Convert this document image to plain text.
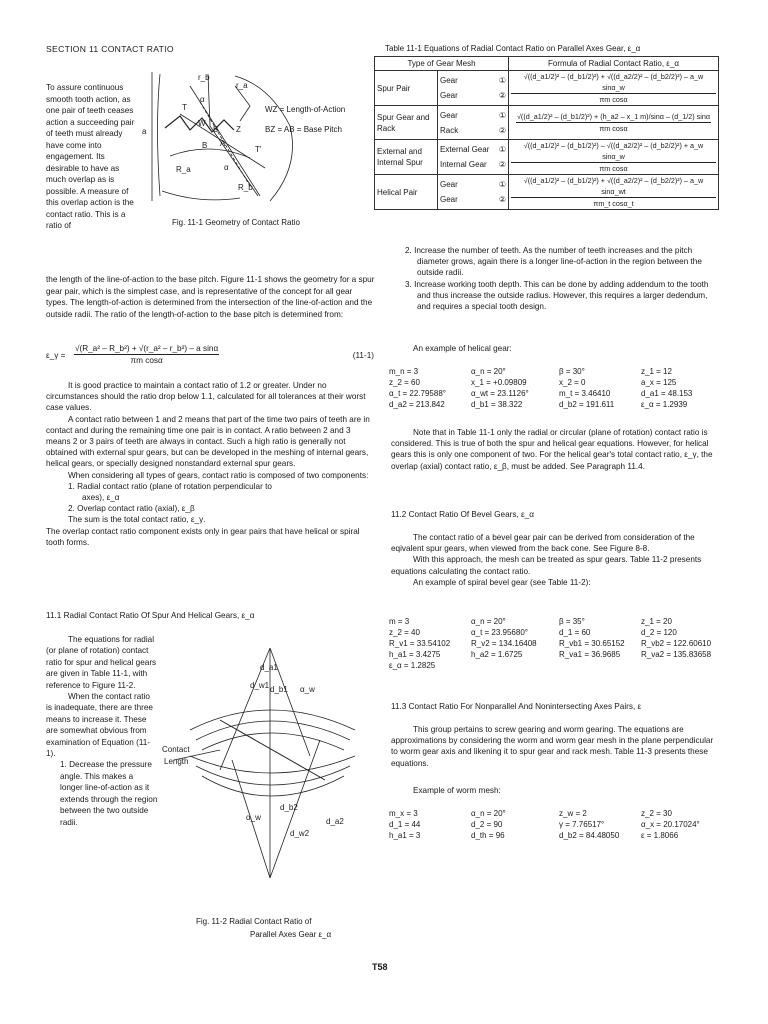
SECTION 11 CONTACT RATIO

To assure continuous smooth tooth action, as one pair of teeth ceases action a succeeding pair of teeth must already have come into engagement. Its desirable to have as much overlap as is possible. A measure of this overlap action is the contact ratio. This is a ratio of

r_b
r_a
a
T
α
W
B Z
B A
T'
R_a	α
R_b
WZ = Length-of-Action
BZ = AB = Base Pitch
Fig. 11-1 Geometry of Contact Ratio

the length of the line-of-action to the base pitch. Figure 11-1 shows the geometry for a spur gear pair, which is the simplest case, and is representative of the concept for all gear types. The length-of-action is determined from the intersection of the line-of-action and the outside radii. The ratio of the length-of-action to the base pitch is determined from:

ε_γ = $\frac{\text{√(R\_a² – R\_b²) + √(r\_a² – r\_b²) – a sinα}}{\text{πm cosα}}$	(11-1)

It is good practice to maintain a contact ratio of 1.2 or greater. Under no circumstances should the ratio drop below 1.1, calculated for all tolerances at their worst case values.

A contact ratio between 1 and 2 means that part of the time two pairs of teeth are in contact and during the remaining time one pair is in contact. A ratio between 2 and 3 means 2 or 3 pairs of teeth are always in contact. Such a high ratio is generally not obtained with external spur gears, but can be developed in the meshing of internal gears, helical gears, or specially designed nonstandard external spur gears.

When considering all types of gears, contact ratio is composed of two components:

1. Radial contact ratio (plane of rotation perpendicular to

axes), ε_α

2. Overlap contact ratio (axial), ε_β

The sum is the total contact ratio, ε_γ.

The overlap contact ratio component exists only in gear pairs that have helical or spiral tooth forms.

11.1 Radial Contact Ratio Of Spur And Helical Gears, ε_α

The equations for radial (or plane of rotation) contact ratio for spur and helical gears are given in Table 11-1, with reference to Figure 11-2.

When the contact ratio is inadequate, there are three means to increase it. These are somewhat obvious from examination of Equation (11-1).

1. Decrease the pressure angle. This makes a longer line-of-action as it extends through the region between the two outside radii.

d_a1
d_w1 d_b1 α_w
Contact
Length
α_w
d_b2
d_w2
d_a2
Fig. 11-2 Radial Contact Ratio of
Parallel Axes Gear ε_α
Table 11-1 Equations of Radial Contact Ratio on Parallel Axes Gear, ε_α
Type of Gear Mesh		Formula of Radial Contact Ratio, ε_α
Spur Pair	Gear ①

Gear ②	√((d_a1/2)² – (d_b1/2)²) + √((d_a2/2)² – (d_b2/2)²) – a_w sinα_w
πm cosα

Spur Gear and Rack	Gear ①

Rack ②	√((d_a1/2)² – (d_b1/2)²) + (h_a2 – x_1 m)/sinα – (d_1/2) sinα
πm cosα

External and Internal Spur	External Gear ①

Internal Gear ②	√((d_a1/2)² – (d_b1/2)²) – √((d_a2/2)² – (d_b2/2)²) + a_w sinα_w
πm cosα

Helical Pair	Gear ①

Gear ②	√((d_a1/2)² – (d_b1/2)²) + √((d_a2/2)² – (d_b2/2)²) – a_w sinα_wt
πm_t cosα_t

2. Increase the number of teeth. As the number of teeth increases and the pitch diameter grows, again there is a longer line-of-action in the region between the outside radii.

3. Increase working tooth depth. This can be done by adding addendum to the tooth and thus increase the outside radius. However, this requires a larger dedendum, and requires a special tooth design.

An example of helical gear:
m_n = 3	α_n = 20°	β = 30°	z_1 = 12
z_2 = 60	x_1 = +0.09809	x_2 = 0	a_x = 125
α_t = 22.79588°	α_wt = 23.1126°	m_t = 3.46410	d_a1 = 48.153
d_a2 = 213.842	d_b1 = 38.322	d_b2 = 191.611	ε_α = 1.2939

Note that in Table 11-1 only the radial or circular (plane of rotation) contact ratio is considered. This is true of both the spur and helical gear equations. However, for helical gears this is only one component of two. For the helical gear's total contact ratio, ε_γ, the overlap (axial) contact ratio, ε_β, must be added. See Paragraph 11.4.

11.2 Contact Ratio Of Bevel Gears, ε_α

The contact ratio of a bevel gear pair can be derived from consideration of the eqivalent spur gears, when viewed from the back cone. See Figure 8-8.

With this approach, the mesh can be treated as spur gears. Table 11-2 presents equations calculating the contact ratio.

An example of spiral bevel gear (see Table 11-2):

m = 3	α_n = 20°	β = 35°	z_1 = 20
z_2 = 40	α_t = 23.95680°	d_1 = 60	d_2 = 120
R_v1 = 33.54102	R_v2 = 134.16408	R_vb1 = 30.65152	R_vb2 = 122.60610
h_a1 = 3.4275	h_a2 = 1.6725	R_va1 = 36.9685	R_va2 = 135.83658
ε_α = 1.2825			
11.3 Contact Ratio For Nonparallel And Nonintersecting Axes Pairs, ε

This group pertains to screw gearing and worm gearing. The equations are approximations by considering the worm and worm gear mesh in the plane perpendicular to worm gear axis and likening it to spur gear and rack mesh. Table 11-3 presents these equations.

Example of worm mesh:
m_x = 3	α_n = 20°	z_w = 2	z_2 = 30
d_1 = 44	d_2 = 90	γ = 7.76517°	α_x = 20.17024°
h_a1 = 3	d_th = 96	d_b2 = 84.48050	ε = 1.8066
T58
